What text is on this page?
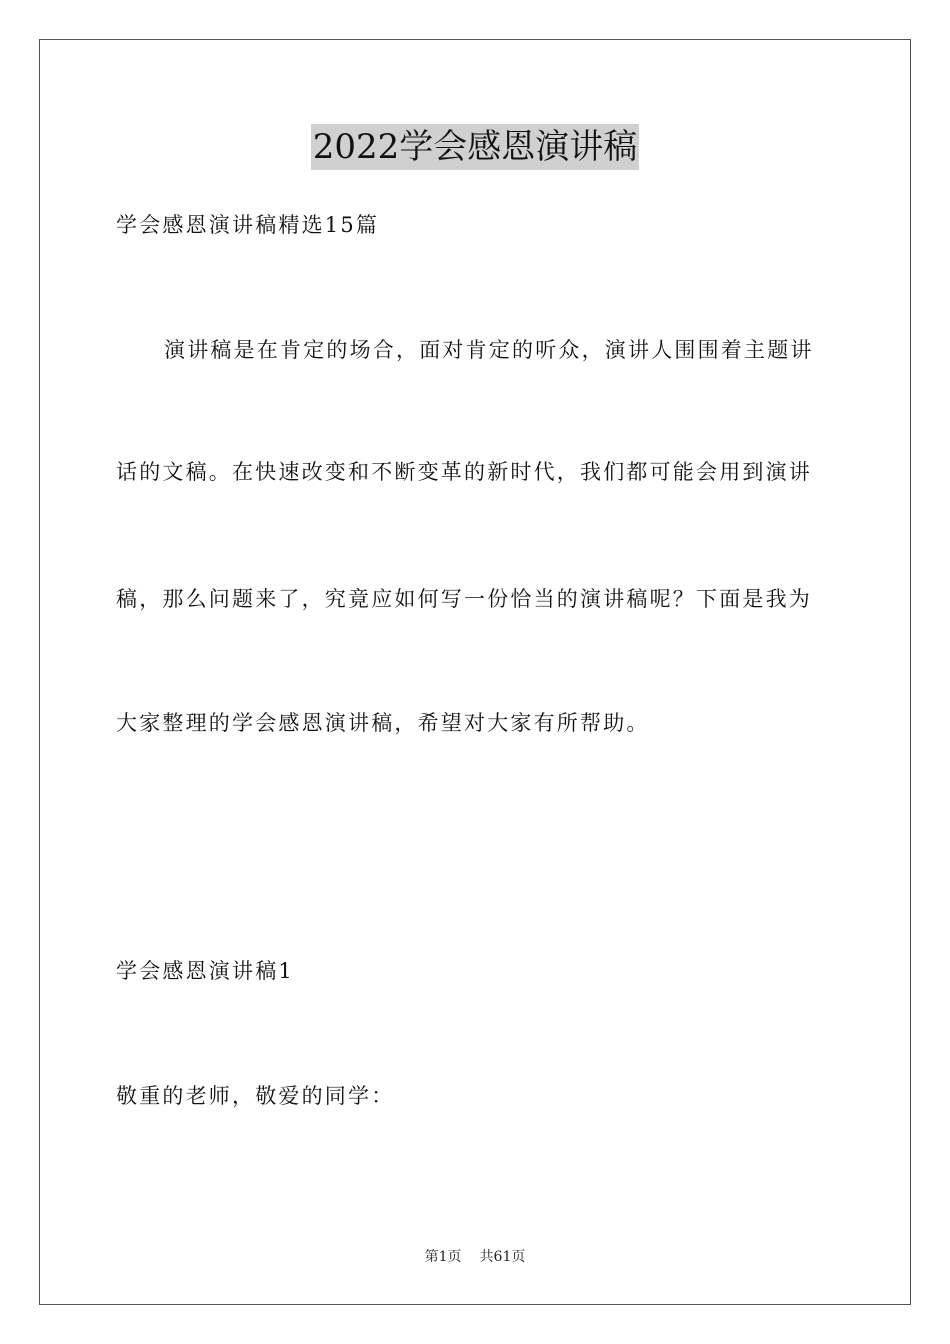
2022学会感恩演讲稿
学会感恩演讲稿精选15篇
演讲稿是在肯定的场合，面对肯定的听众，演讲人围围着主题讲
话的文稿。在快速改变和不断变革的新时代，我们都可能会用到演讲
稿，那么问题来了，究竟应如何写一份恰当的演讲稿呢？下面是我为
大家整理的学会感恩演讲稿，希望对大家有所帮助。
学会感恩演讲稿1
敬重的老师，敬爱的同学：
第1页 共61页
